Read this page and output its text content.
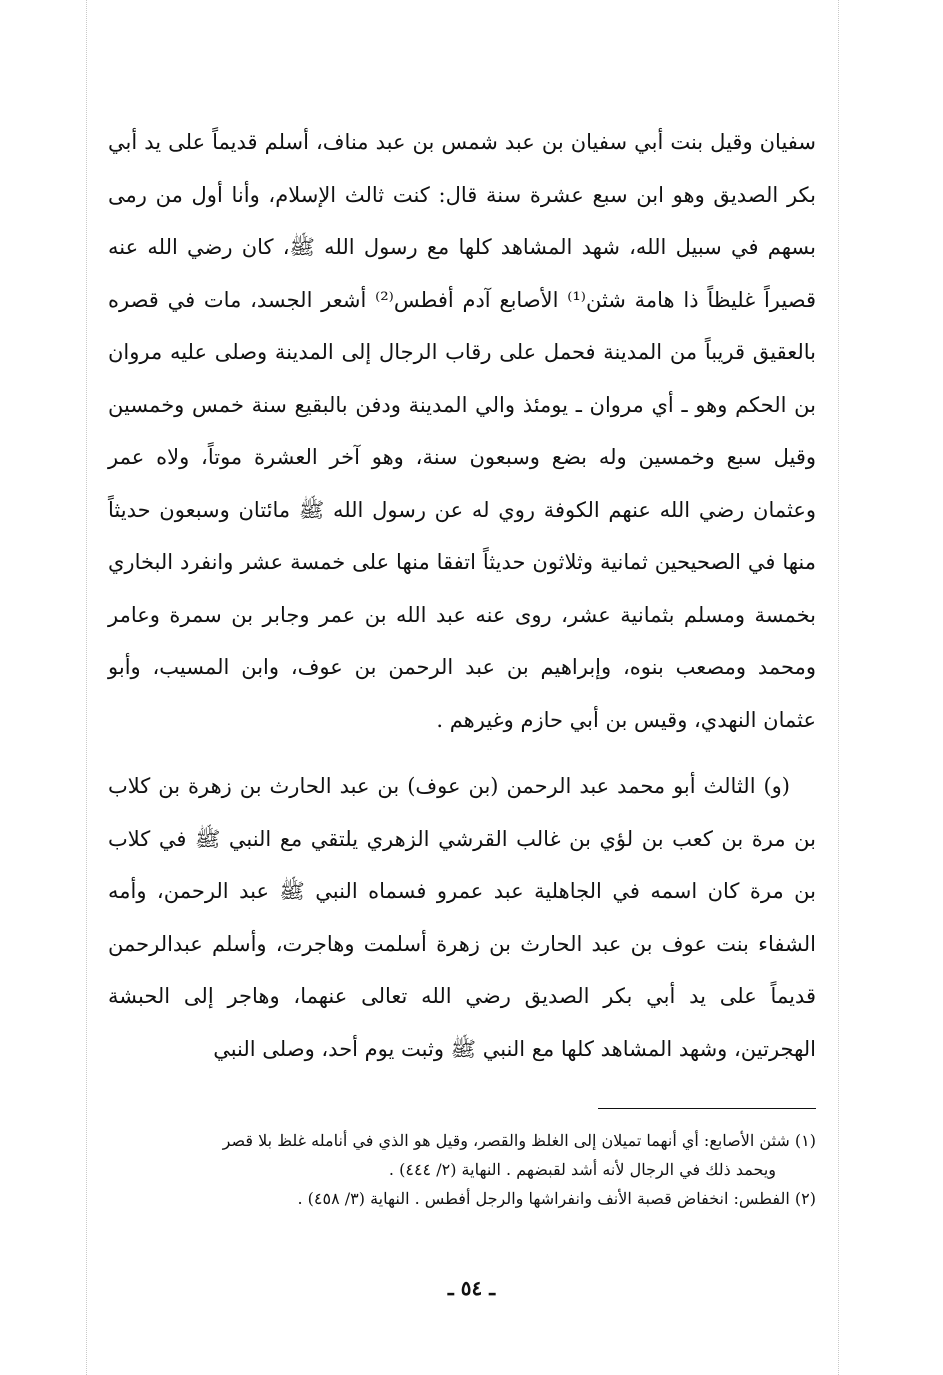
سفيان وقيل بنت أبي سفيان بن عبد شمس بن عبد مناف، أسلم قديماً على يد أبي بكر الصديق وهو ابن سبع عشرة سنة قال: كنت ثالث الإسلام، وأنا أول من رمى بسهم في سبيل الله، شهد المشاهد كلها مع رسول الله ﷺ، كان رضي الله عنه قصيراً غليظاً ذا هامة شثن⁽¹⁾ الأصابع آدم أفطس⁽²⁾ أشعر الجسد، مات في قصره بالعقيق قريباً من المدينة فحمل على رقاب الرجال إلى المدينة وصلى عليه مروان بن الحكم وهو ـ أي مروان ـ يومئذ والي المدينة ودفن بالبقيع سنة خمس وخمسين وقيل سبع وخمسين وله بضع وسبعون سنة، وهو آخر العشرة موتاً، ولاه عمر وعثمان رضي الله عنهم الكوفة روي له عن رسول الله ﷺ مائتان وسبعون حديثاً منها في الصحيحين ثمانية وثلاثون حديثاً اتفقا منها على خمسة عشر وانفرد البخاري بخمسة ومسلم بثمانية عشر، روى عنه عبد الله بن عمر وجابر بن سمرة وعامر ومحمد ومصعب بنوه، وإبراهيم بن عبد الرحمن بن عوف، وابن المسيب، وأبو عثمان النهدي، وقيس بن أبي حازم وغيرهم .

(و) الثالث أبو محمد عبد الرحمن (بن عوف) بن عبد الحارث بن زهرة بن كلاب بن مرة بن كعب بن لؤي بن غالب القرشي الزهري يلتقي مع النبي ﷺ في كلاب بن مرة كان اسمه في الجاهلية عبد عمرو فسماه النبي ﷺ عبد الرحمن، وأمه الشفاء بنت عوف بن عبد الحارث بن زهرة أسلمت وهاجرت، وأسلم عبدالرحمن قديماً على يد أبي بكر الصديق رضي الله تعالى عنهما، وهاجر إلى الحبشة الهجرتين، وشهد المشاهد كلها مع النبي ﷺ وثبت يوم أحد، وصلى النبي

(١) شثن الأصابع: أي أنهما تميلان إلى الغلظ والقصر، وقيل هو الذي في أنامله غلظ بلا قصر

ويحمد ذلك في الرجال لأنه أشد لقبضهم . النهاية (٢/ ٤٤٤) .

(٢) الفطس: انخفاض قصبة الأنف وانفراشها والرجل أفطس . النهاية (٣/ ٤٥٨) .

ـ ٥٤ ـ
